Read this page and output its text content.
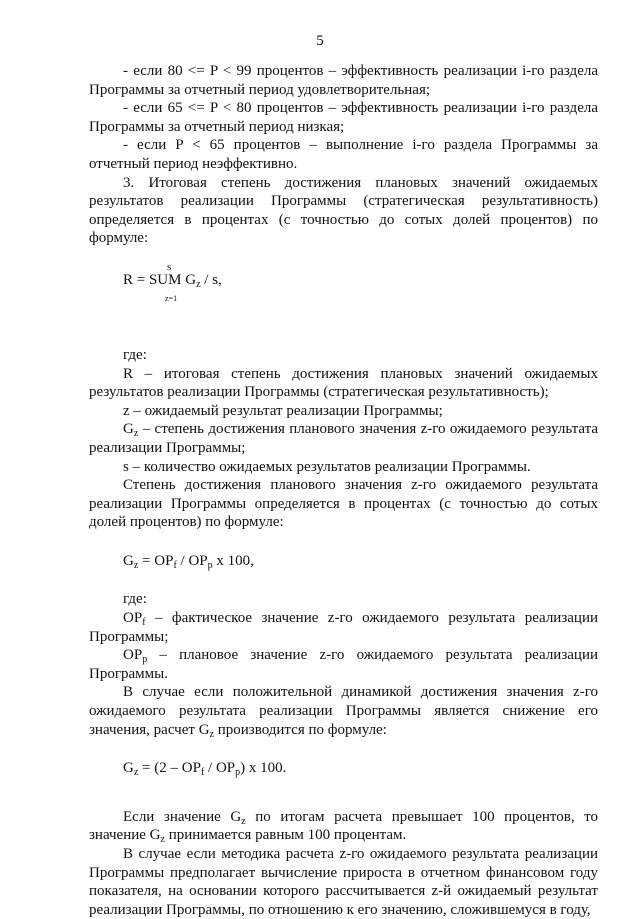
5

- если 80 <= P < 99 процентов – эффективность реализации i-го раздела Программы за отчетный период удовлетворительная;

- если 65 <= P < 80 процентов – эффективность реализации i-го раздела Программы за отчетный период низкая;

- если P < 65 процентов – выполнение i-го раздела Программы за отчетный период неэффективно.

3. Итоговая степень достижения плановых значений ожидаемых результатов реализации Программы (стратегическая результативность) определяется в процентах (с точностью до сотых долей процентов) по формуле:

s
R = SUM $G_z$ / s,
z=1

где:

R – итоговая степень достижения плановых значений ожидаемых результатов реализации Программы (стратегическая результативность);

z – ожидаемый результат реализации Программы;

$G_z$ – степень достижения планового значения z-го ожидаемого результата реализации Программы;

s – количество ожидаемых результатов реализации Программы.

Степень достижения планового значения z-го ожидаемого результата реализации Программы определяется в процентах (с точностью до сотых долей процентов) по формуле:

$G_z = OP_f / OP_p$ x 100,

где:

$OP_f$ – фактическое значение z-го ожидаемого результата реализации Программы;

$OP_p$ – плановое значение z-го ожидаемого результата реализации Программы.

В случае если положительной динамикой достижения значения z-го ожидаемого результата реализации Программы является снижение его значения, расчет $G_z$ производится по формуле:

$G_z = (2 - OP_f / OP_p)$ x 100.

Если значение $G_z$ по итогам расчета превышает 100 процентов, то значение $G_z$ принимается равным 100 процентам.

В случае если методика расчета z-го ожидаемого результата реализации Программы предполагает вычисление прироста в отчетном финансовом году показателя, на основании которого рассчитывается z-й ожидаемый результат реализации Программы, по отношению к его значению, сложившемуся в году,
